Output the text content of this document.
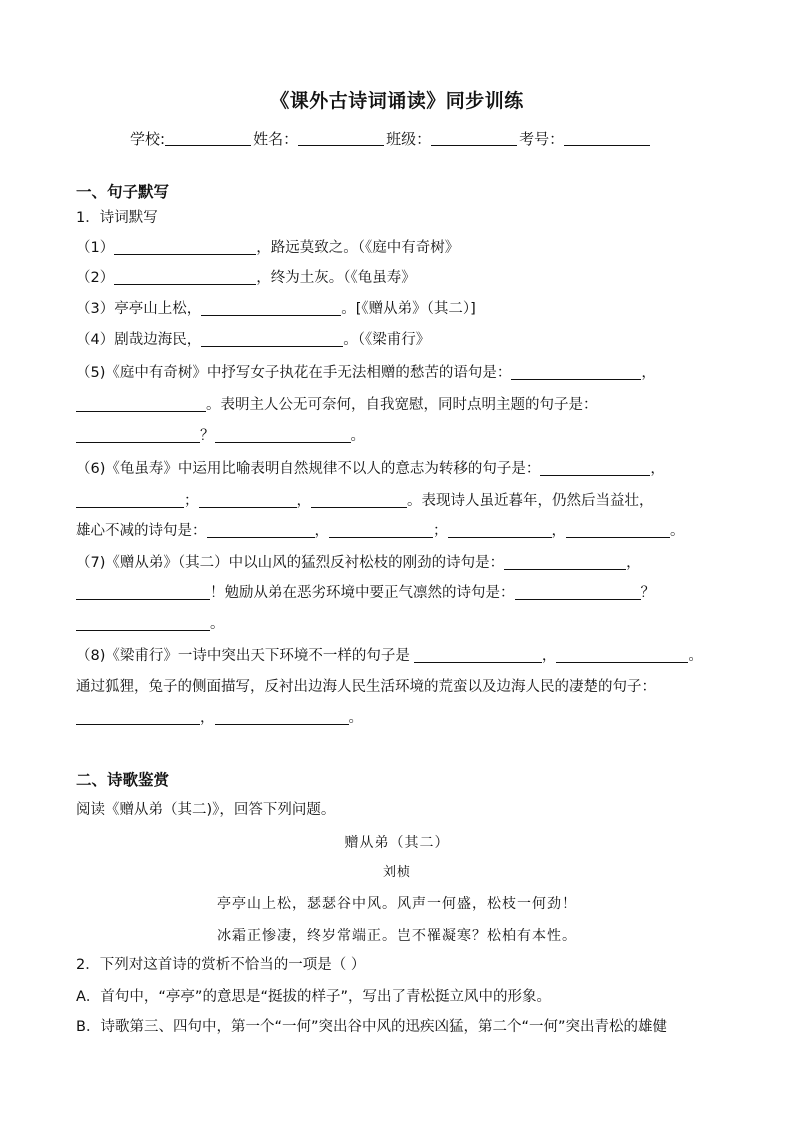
《课外古诗词诵读》同步训练
学校:	姓名：	班级：	考号：
一、句子默写
1．诗词默写
（1）	，路远莫致之。（《庭中有奇树》
（2）	，终为土灰。（《龟虽寿》
（3）亭亭山上松，	。[《赠从弟》（其二）]
（4）剧哉边海民，	。（《梁甫行》
（5)《庭中有奇树》中抒写女子执花在手无法相赠的愁苦的语句是：	，
。表明主人公无可奈何，自我宽慰，同时点明主题的句子是：
？	。
（6)《龟虽寿》中运用比喻表明自然规律不以人的意志为转移的句子是：	，
；	，	。表现诗人虽近暮年，仍然后当益壮，
雄心不减的诗句是：	，	；	，	。
（7)《赠从弟》（其二）中以山风的猛烈反衬松枝的刚劲的诗句是：	，
！勉励从弟在恶劣环境中要正气凛然的诗句是：	？
。
（8)《梁甫行》一诗中突出天下环境不一样的句子是	，	。
通过狐狸，兔子的侧面描写，反衬出边海人民生活环境的荒蛮以及边海人民的凄楚的句子：
，	。
二、诗歌鉴赏
阅读《赠从弟（其二)》，回答下列问题。
赠从弟（其二）
刘桢
亭亭山上松，瑟瑟谷中风。风声一何盛，松枝一何劲！
冰霜正惨凄，终岁常端正。岂不罹凝寒？松柏有本性。
2．下列对这首诗的赏析不恰当的一项是（ ）
A．首句中，“亭亭”的意思是“挺拔的样子”，写出了青松挺立风中的形象。
B．诗歌第三、四句中，第一个“一何”突出谷中风的迅疾凶猛，第二个“一何”突出青松的雄健
